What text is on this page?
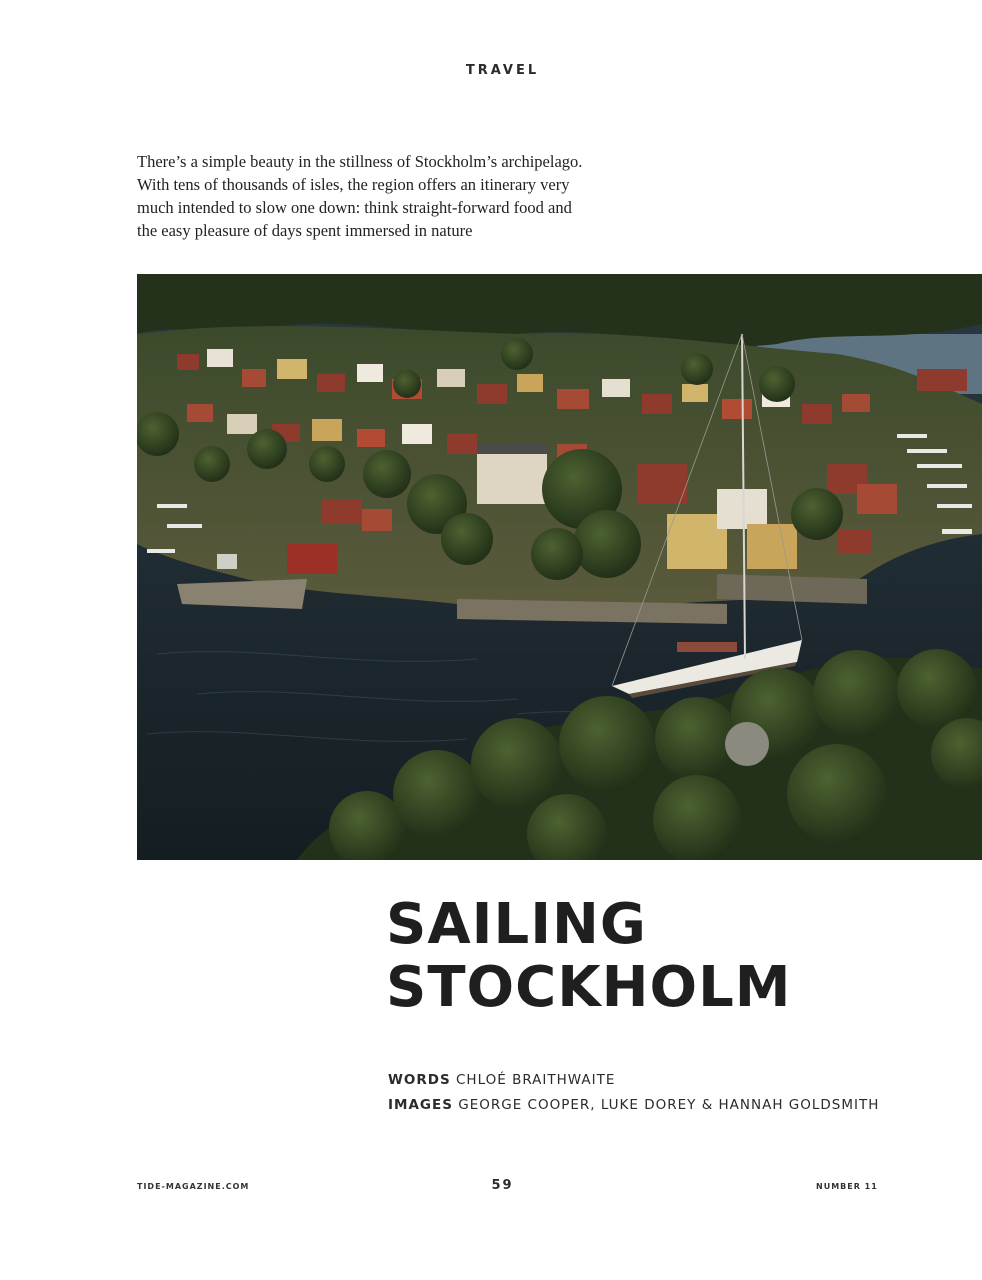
TRAVEL

There’s a simple beauty in the stillness of Stockholm’s archipelago.
With tens of thousands of isles, the region offers an itinerary very
much intended to slow one down: think straight-forward food and
the easy pleasure of days spent immersed in nature

SAILING
STOCKHOLM
WORDS CHLOÉ BRAITHWAITE
IMAGES GEORGE COOPER, LUKE DOREY & HANNAH GOLDSMITH
TIDE-MAGAZINE.COM	59	NUMBER 11
